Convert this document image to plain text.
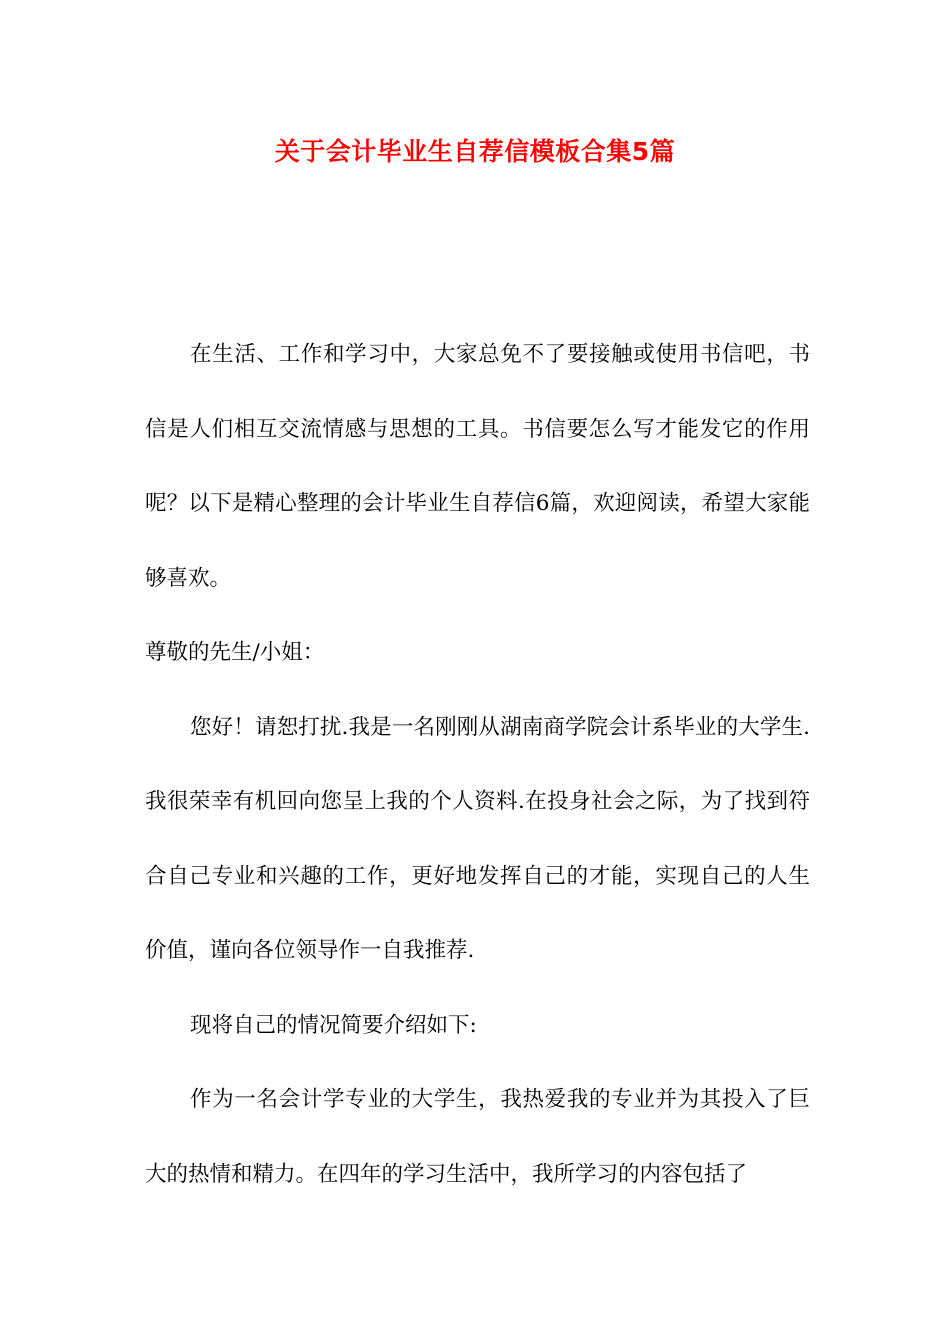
关于会计毕业生自荐信模板合集5篇

在生活、工作和学习中，大家总免不了要接触或使用书信吧，书信是人们相互交流情感与思想的工具。书信要怎么写才能发它的作用呢？以下是精心整理的会计毕业生自荐信6篇，欢迎阅读，希望大家能够喜欢。

尊敬的先生/小姐：

您好！请恕打扰.我是一名刚刚从湖南商学院会计系毕业的大学生.我很荣幸有机回向您呈上我的个人资料.在投身社会之际，为了找到符合自己专业和兴趣的工作，更好地发挥自己的才能，实现自己的人生价值，谨向各位领导作一自我推荐.

现将自己的情况简要介绍如下:

作为一名会计学专业的大学生，我热爱我的专业并为其投入了巨大的热情和精力。在四年的学习生活中，我所学习的内容包括了
